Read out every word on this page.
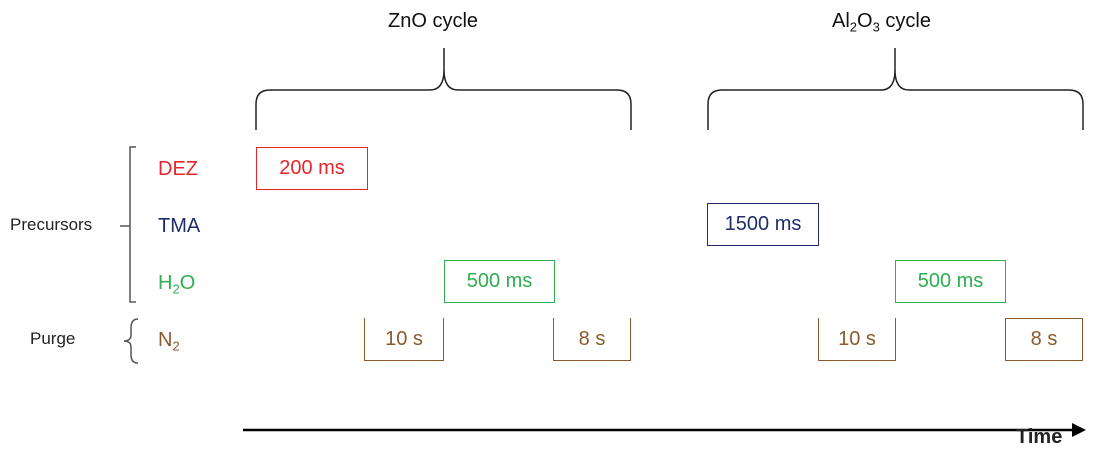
ZnO cycle	$Al_2O_3$ cycle
Precursors
Purge
DEZ
TMA
$H_2O$
$N_2$
200 ms
1500 ms
500 ms	500 ms
10 s	8 s	10 s	8 s
Time
